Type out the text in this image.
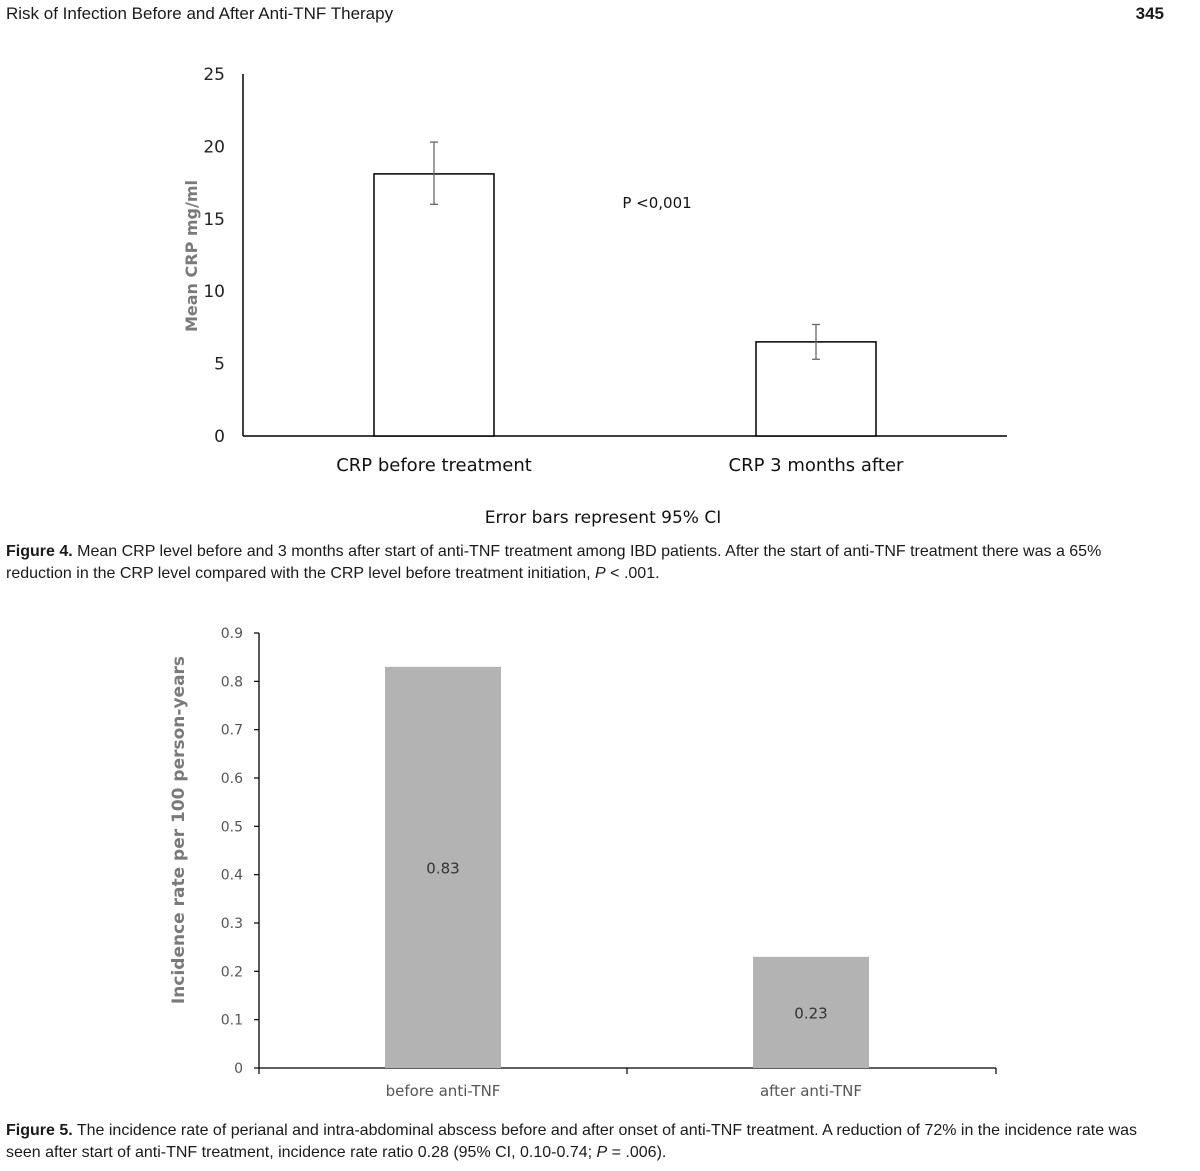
Risk of Infection Before and After Anti-TNF Therapy	345
0
5
10
15
20
25
Mean CRP mg/ml
CRP before treatment	CRP 3 months after
P <0,001
Error bars represent 95% CI
0
0.1
0.2
0.3
0.4
0.5
0.6
0.7
0.8
0.9
Incidence rate per 100 person-years	0.83
before anti-TNF
0.23
after anti-TNF
Figure 4. Mean CRP level before and 3 months after start of anti-TNF treatment among IBD patients. After the start of anti-TNF treatment there was a 65% reduction in the CRP level compared with the CRP level before treatment initiation, P < .001.
Figure 5. The incidence rate of perianal and intra-abdominal abscess before and after onset of anti-TNF treatment. A reduction of 72% in the incidence rate was seen after start of anti-TNF treatment, incidence rate ratio 0.28 (95% CI, 0.10-0.74; P = .006).
